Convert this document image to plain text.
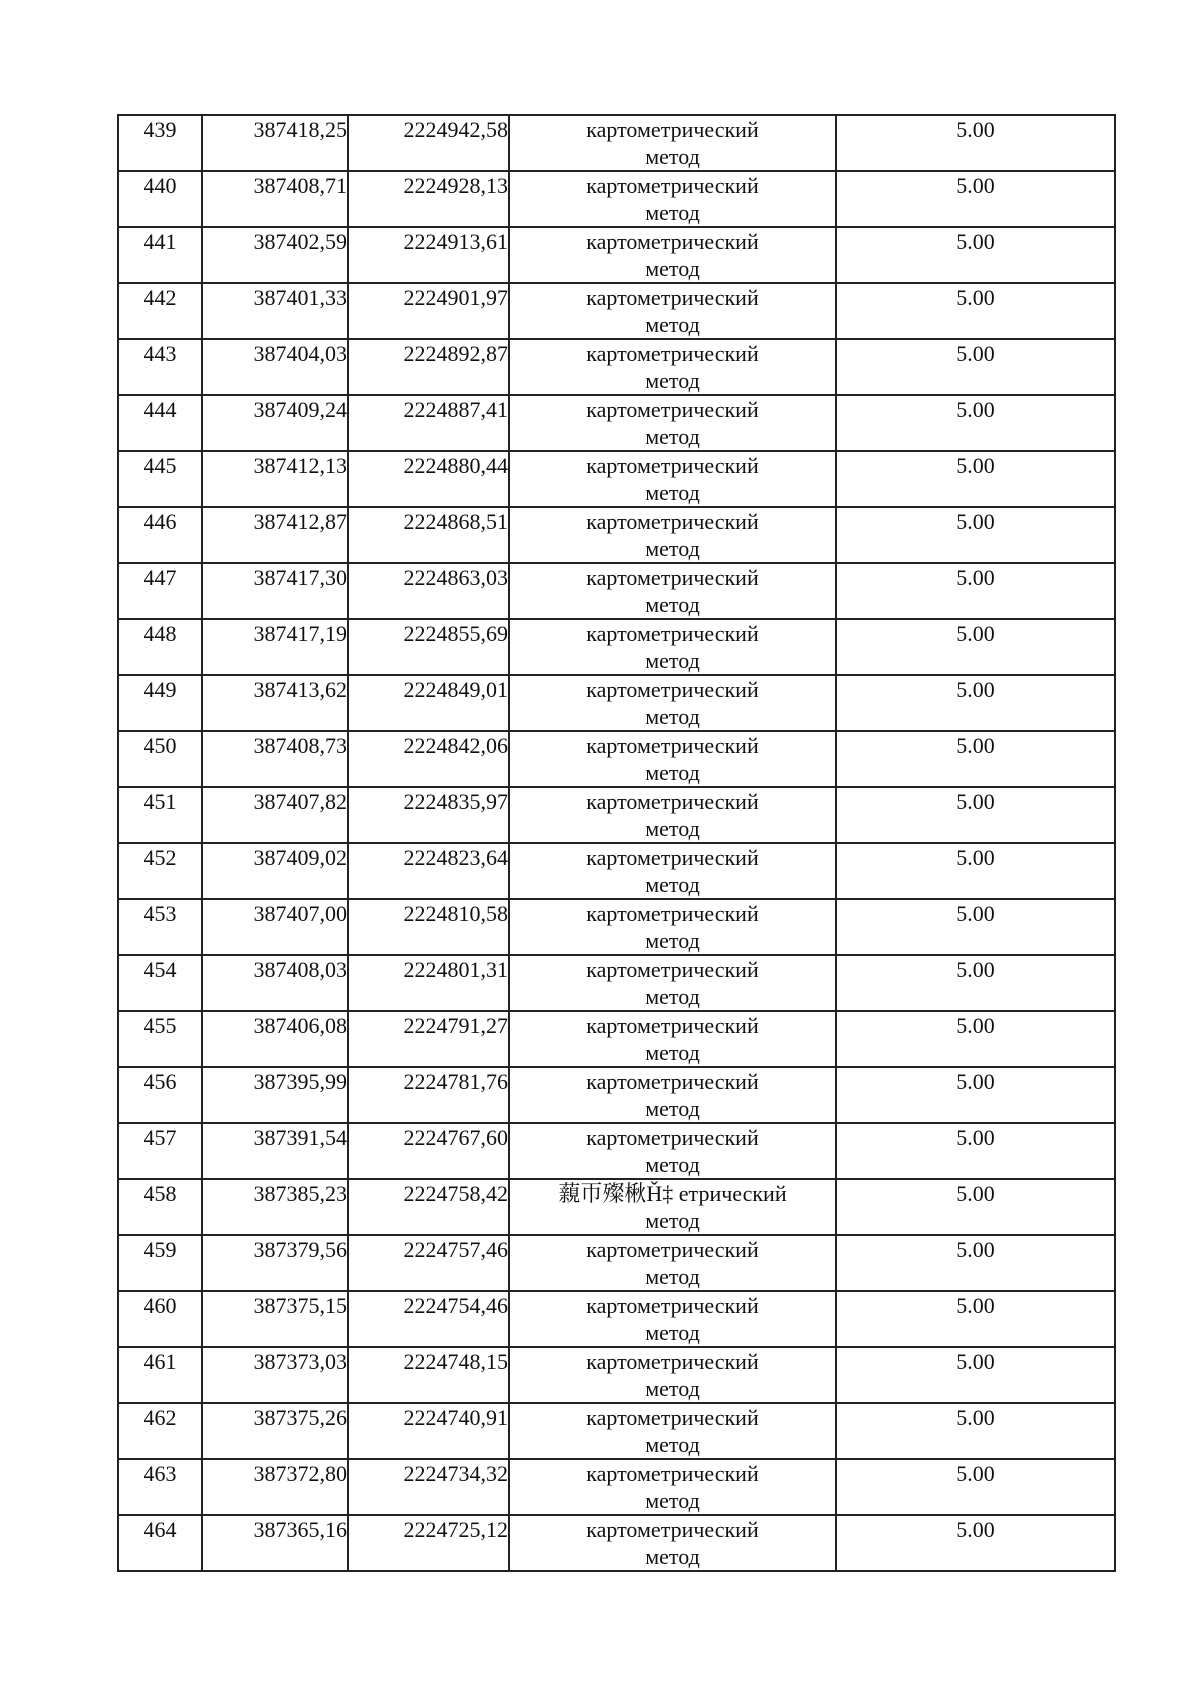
439	387418,25	2224942,58	картометрический
метод	5.00

440	387408,71	2224928,13	картометрический
метод	5.00

441	387402,59	2224913,61	картометрический
метод	5.00

442	387401,33	2224901,97	картометрический
метод	5.00

443	387404,03	2224892,87	картометрический
метод	5.00

444	387409,24	2224887,41	картометрический
метод	5.00

445	387412,13	2224880,44	картометрический
метод	5.00

446	387412,87	2224868,51	картометрический
метод	5.00

447	387417,30	2224863,03	картометрический
метод	5.00

448	387417,19	2224855,69	картометрический
метод	5.00

449	387413,62	2224849,01	картометрический
метод	5.00

450	387408,73	2224842,06	картометрический
метод	5.00

451	387407,82	2224835,97	картометрический
метод	5.00

452	387409,02	2224823,64	картометрический
метод	5.00

453	387407,00	2224810,58	картометрический
метод	5.00

454	387408,03	2224801,31	картометрический
метод	5.00

455	387406,08	2224791,27	картометрический
метод	5.00

456	387395,99	2224781,76	картометрический
метод	5.00

457	387391,54	2224767,60	картометрический
метод	5.00

458	387385,23	2224758,42	藽帀殩楸Ȟ‡ етрический
метод	5.00

459	387379,56	2224757,46	картометрический
метод	5.00

460	387375,15	2224754,46	картометрический
метод	5.00

461	387373,03	2224748,15	картометрический
метод	5.00

462	387375,26	2224740,91	картометрический
метод	5.00

463	387372,80	2224734,32	картометрический
метод	5.00

464	387365,16	2224725,12	картометрический
метод	5.00
